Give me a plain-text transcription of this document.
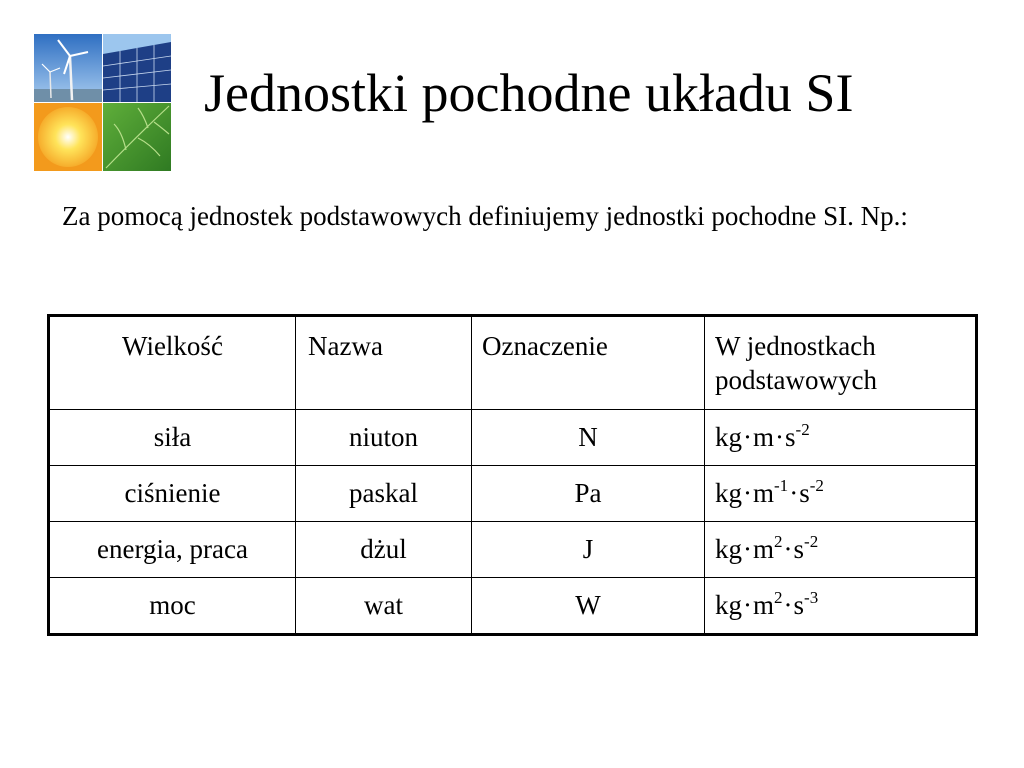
Jednostki pochodne układu SI

Za pomocą jednostek podstawowych definiujemy jednostki pochodne SI. Np.:

Wielkość	Nazwa	Oznaczenie	W jednostkach podstawowych
siła	niuton	N	$kg\cdot m\cdot s^{-2}$
ciśnienie	paskal	Pa	$kg\cdot m^{-1}\cdot s^{-2}$
energia, praca	dżul	J	$kg\cdot m^2\cdot s^{-2}$
moc	wat	W	$kg\cdot m^2\cdot s^{-3}$
